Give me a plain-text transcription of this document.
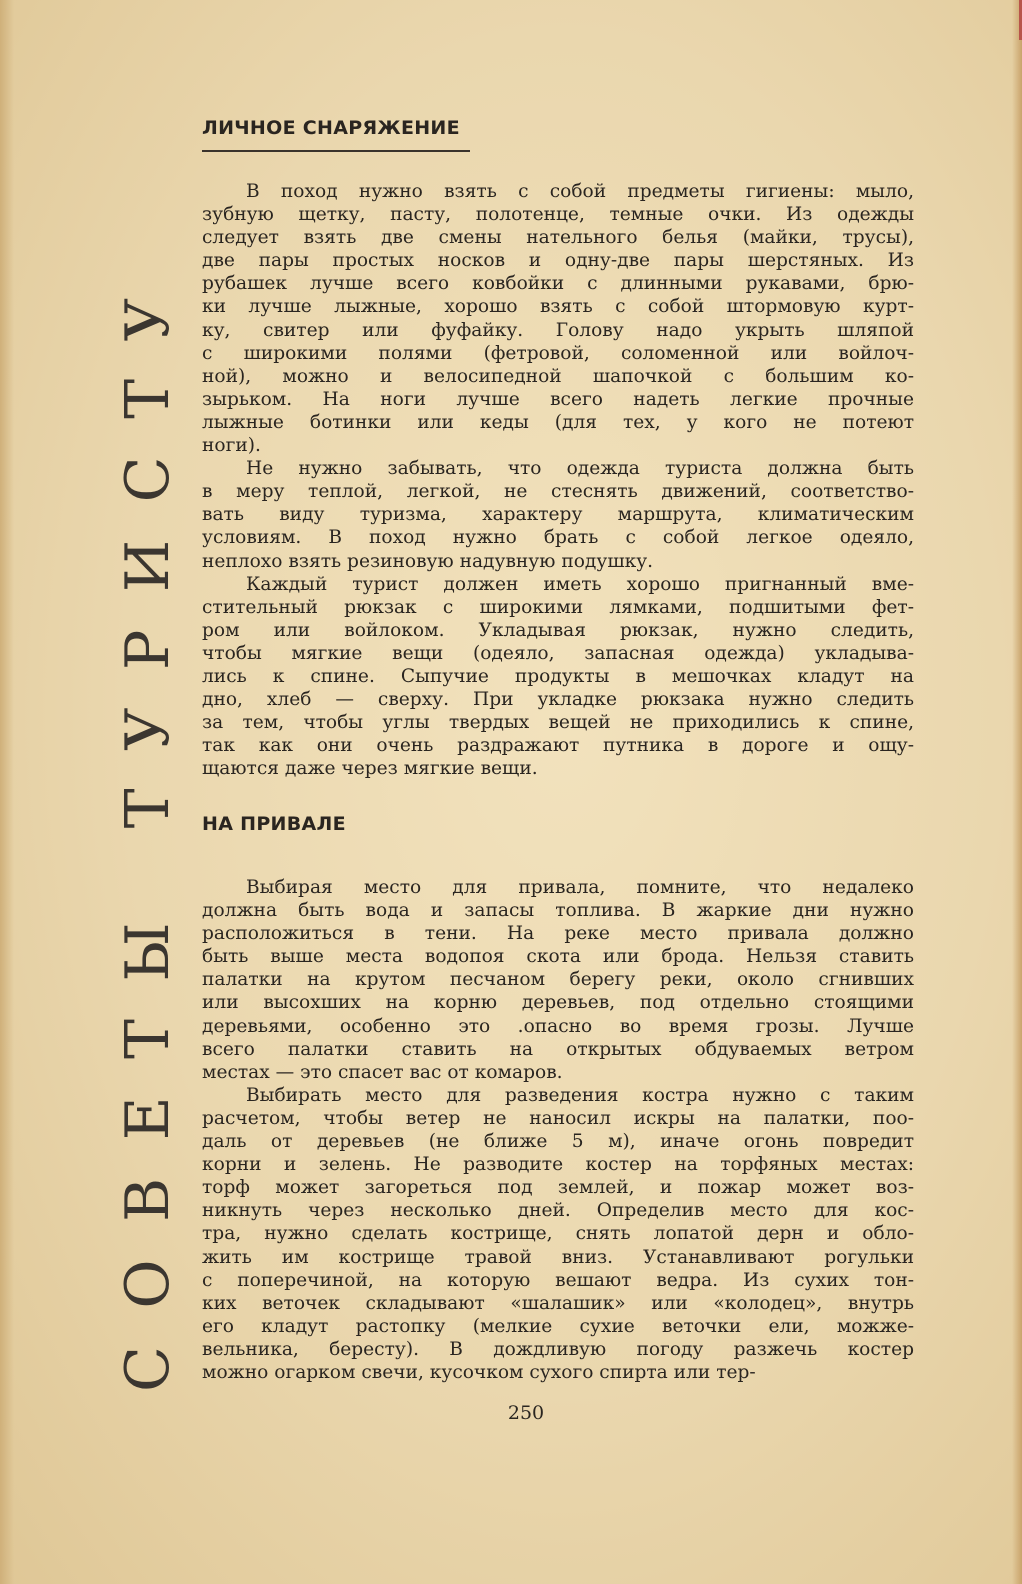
СОВЕТЫ ТУРИСТУ
ЛИЧНОЕ СНАРЯЖЕНИЕ
В поход нужно взять с собой предметы гигиены: мыло,
зубную щетку, пасту, полотенце, темные очки. Из одежды
следует взять две смены нательного белья (майки, трусы),
две пары простых носков и одну-две пары шерстяных. Из
рубашек лучше всего ковбойки с длинными рукавами, брю-
ки лучше лыжные, хорошо взять с собой штормовую курт-
ку, свитер или фуфайку. Голову надо укрыть шляпой
с широкими полями (фетровой, соломенной или войлоч-
ной), можно и велосипедной шапочкой с большим ко-
зырьком. На ноги лучше всего надеть легкие прочные
лыжные ботинки или кеды (для тех, у кого не потеют
ноги).
Не нужно забывать, что одежда туриста должна быть
в меру теплой, легкой, не стеснять движений, соответство-
вать виду туризма, характеру маршрута, климатическим
условиям. В поход нужно брать с собой легкое одеяло,
неплохо взять резиновую надувную подушку.
Каждый турист должен иметь хорошо пригнанный вме-
стительный рюкзак с широкими лямками, подшитыми фет-
ром или войлоком. Укладывая рюкзак, нужно следить,
чтобы мягкие вещи (одеяло, запасная одежда) укладыва-
лись к спине. Сыпучие продукты в мешочках кладут на
дно, хлеб — сверху. При укладке рюкзака нужно следить
за тем, чтобы углы твердых вещей не приходились к спине,
так как они очень раздражают путника в дороге и ощу-
щаются даже через мягкие вещи.
НА ПРИВАЛЕ
Выбирая место для привала, помните, что недалеко
должна быть вода и запасы топлива. В жаркие дни нужно
расположиться в тени. На реке место привала должно
быть выше места водопоя скота или брода. Нельзя ставить
палатки на крутом песчаном берегу реки, около сгнивших
или высохших на корню деревьев, под отдельно стоящими
деревьями, особенно это .опасно во время грозы. Лучше
всего палатки ставить на открытых обдуваемых ветром
местах — это спасет вас от комаров.
Выбирать место для разведения костра нужно с таким
расчетом, чтобы ветер не наносил искры на палатки, поо-
даль от деревьев (не ближе 5 м), иначе огонь повредит
корни и зелень. Не разводите костер на торфяных местах:
торф может загореться под землей, и пожар может воз-
никнуть через несколько дней. Определив место для кос-
тра, нужно сделать кострище, снять лопатой дерн и обло-
жить им кострище травой вниз. Устанавливают рогульки
с поперечиной, на которую вешают ведра. Из сухих тон-
ких веточек складывают «шалашик» или «колодец», внутрь
его кладут растопку (мелкие сухие веточки ели, можже-
вельника, бересту). В дождливую погоду разжечь костер
можно огарком свечи, кусочком сухого спирта или тер-
250
